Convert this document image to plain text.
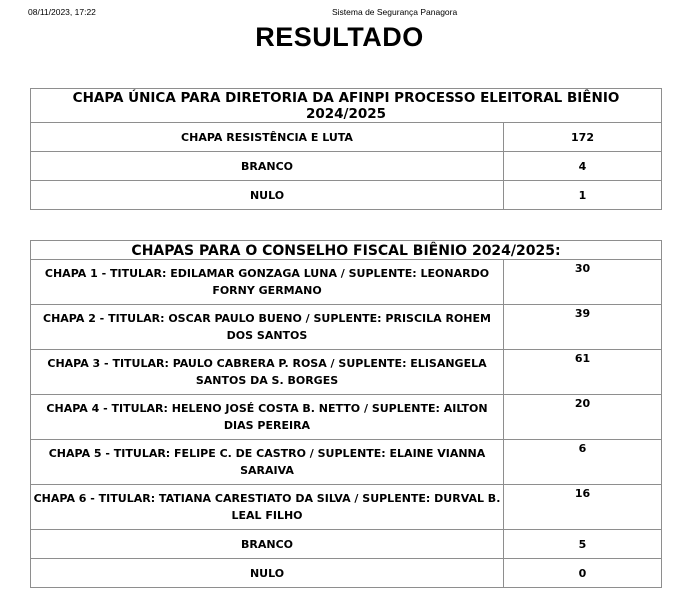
08/11/2023, 17:22	Sistema de Segurança Panagora
RESULTADO
CHAPA ÚNICA PARA DIRETORIA DA AFINPI PROCESSO ELEITORAL BIÊNIO 2024/2025	
CHAPA RESISTÊNCIA E LUTA	172
BRANCO	4
NULO	1
CHAPAS PARA O CONSELHO FISCAL BIÊNIO 2024/2025:	
CHAPA 1 - TITULAR: EDILAMAR GONZAGA LUNA / SUPLENTE: LEONARDO FORNY GERMANO	30
CHAPA 2 - TITULAR: OSCAR PAULO BUENO / SUPLENTE: PRISCILA ROHEM DOS SANTOS	39
CHAPA 3 - TITULAR: PAULO CABRERA P. ROSA / SUPLENTE: ELISANGELA SANTOS DA S. BORGES	61
CHAPA 4 - TITULAR: HELENO JOSÉ COSTA B. NETTO / SUPLENTE: AILTON DIAS PEREIRA	20
CHAPA 5 - TITULAR: FELIPE C. DE CASTRO / SUPLENTE: ELAINE VIANNA SARAIVA	6
CHAPA 6 - TITULAR: TATIANA CARESTIATO DA SILVA / SUPLENTE: DURVAL B. LEAL FILHO	16
BRANCO	5
NULO	0
